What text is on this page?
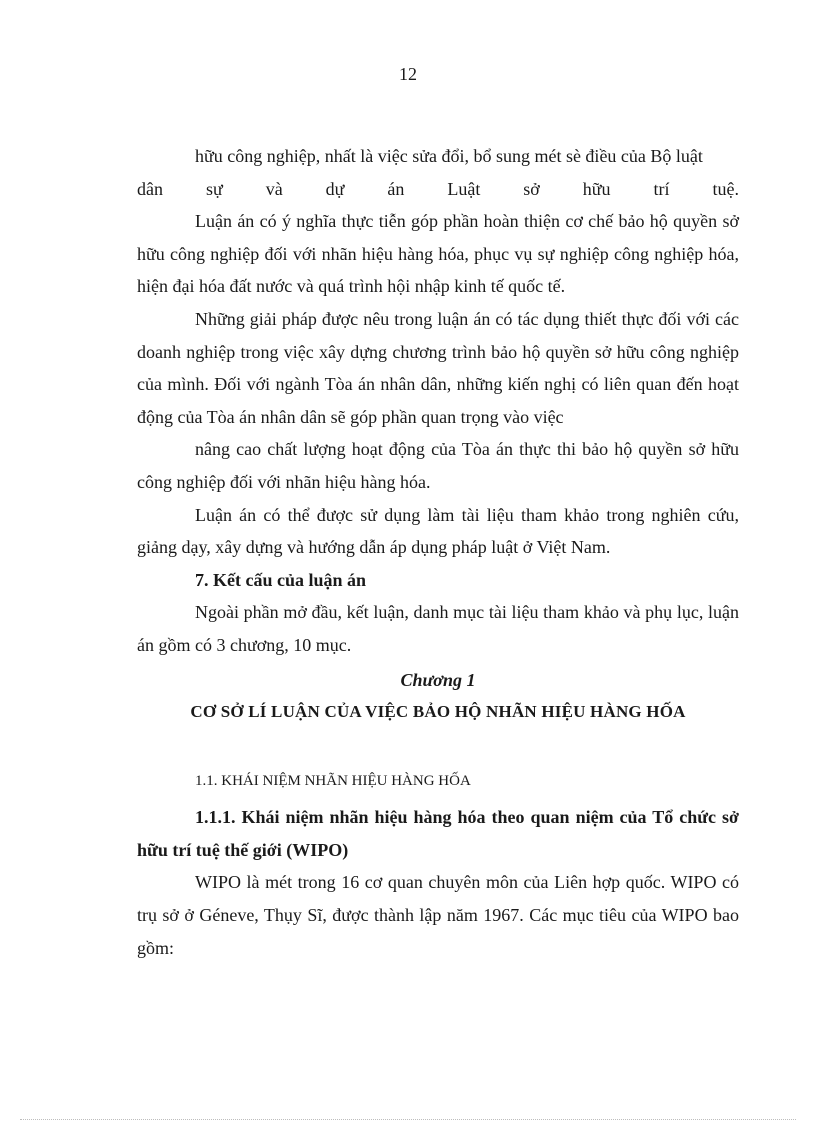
12

hữu công nghiệp, nhất là việc sửa đổi, bổ sung mét sè điều của Bộ luật
dân sự và dự án Luật sở hữu trí tuệ.

Luận án có ý nghĩa thực tiễn góp phần hoàn thiện cơ chế bảo hộ quyền sở hữu công nghiệp đối với nhãn hiệu hàng hóa, phục vụ sự nghiệp công nghiệp hóa, hiện đại hóa đất nước và quá trình hội nhập kinh tế quốc tế.

Những giải pháp được nêu trong luận án có tác dụng thiết thực đối với các doanh nghiệp trong việc xây dựng chương trình bảo hộ quyền sở hữu công nghiệp của mình. Đối với ngành Tòa án nhân dân, những kiến nghị có liên quan đến hoạt động của Tòa án nhân dân sẽ góp phần quan trọng vào việc

nâng cao chất lượng hoạt động của Tòa án thực thi bảo hộ quyền sở hữu công nghiệp đối với nhãn hiệu hàng hóa.

Luận án có thể được sử dụng làm tài liệu tham khảo trong nghiên cứu, giảng dạy, xây dựng và hướng dẫn áp dụng pháp luật ở Việt Nam.

7. Kết cấu của luận án

Ngoài phần mở đầu, kết luận, danh mục tài liệu tham khảo và phụ lục, luận án gồm có 3 chương, 10 mục.

Chương 1

CƠ SỞ LÍ LUẬN CỦA VIỆC BẢO HỘ NHÃN HIỆU HÀNG HỐA

1.1. KHÁI NIỆM NHÃN HIỆU HÀNG HỐA

1.1.1. Khái niệm nhãn hiệu hàng hóa theo quan niệm của Tổ chức sở hữu trí tuệ thế giới (WIPO)

WIPO là mét trong 16 cơ quan chuyên môn của Liên hợp quốc. WIPO có trụ sở ở Géneve, Thụy Sĩ, được thành lập năm 1967. Các mục tiêu của WIPO bao gồm:
